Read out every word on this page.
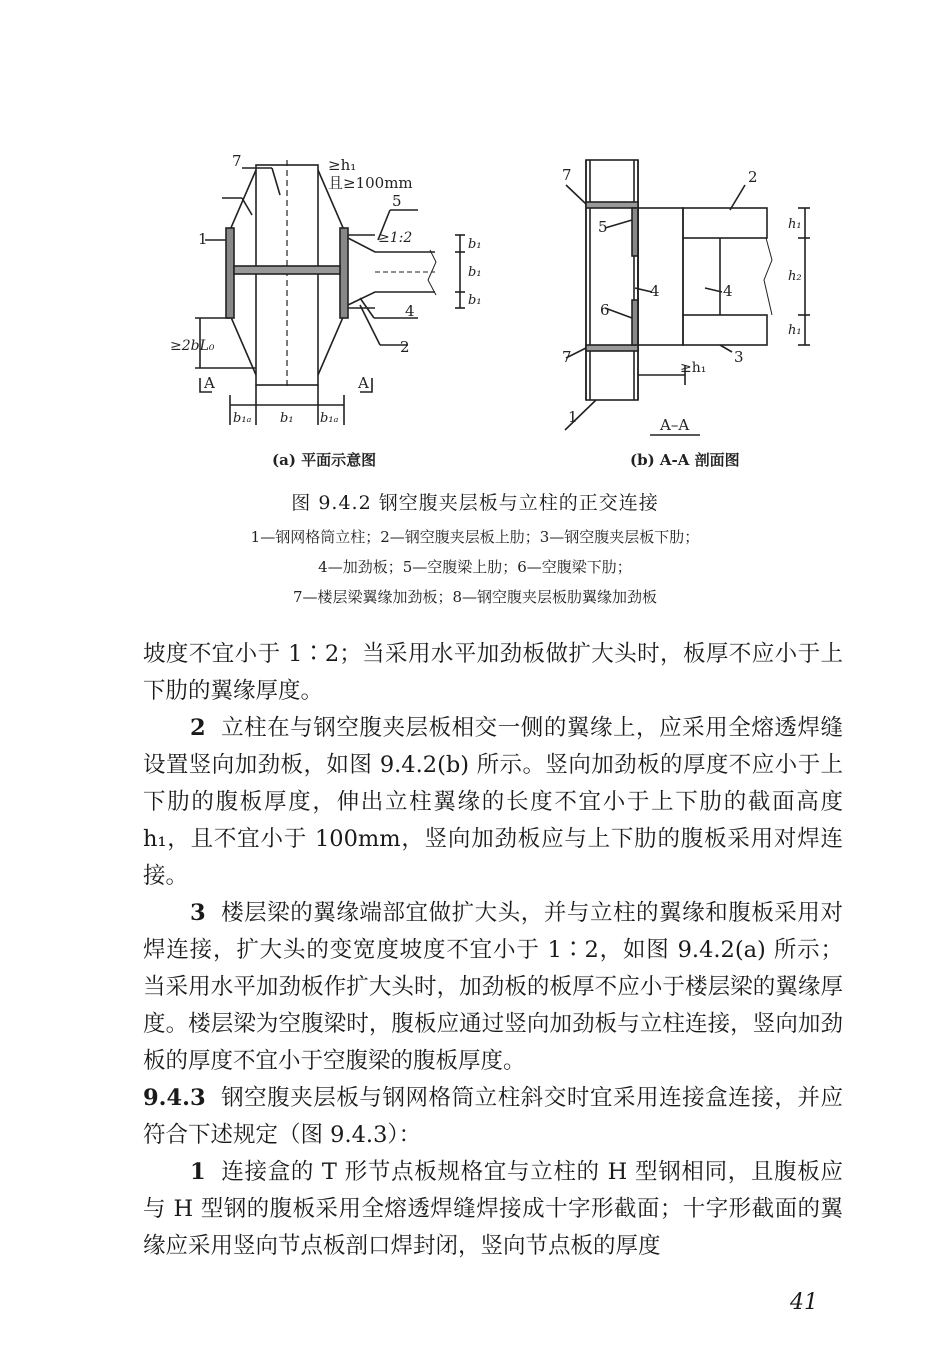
≥h₁
且≥100mm
≥1:2
7
1
4
2
5
b₁
b₁
b₁
≥2bL₀
b₁ₐ b₁ b₁ₐ
A	A
(a) 平面示意图
7	2
5
4	4
6
7	3
1
≥h₁
h₁
h₂
h₁
A–A
(b) A-A 剖面图
图 9.4.2 钢空腹夹层板与立柱的正交连接
1—钢网格筒立柱；2—钢空腹夹层板上肋；3—钢空腹夹层板下肋；
4—加劲板；5—空腹梁上肋；6—空腹梁下肋；
7—楼层梁翼缘加劲板；8—钢空腹夹层板肋翼缘加劲板

坡度不宜小于 1∶2；当采用水平加劲板做扩大头时，板厚不应小于上下肋的翼缘厚度。

2 立柱在与钢空腹夹层板相交一侧的翼缘上，应采用全熔透焊缝设置竖向加劲板，如图 9.4.2(b) 所示。竖向加劲板的厚度不应小于上下肋的腹板厚度，伸出立柱翼缘的长度不宜小于上下肋的截面高度 h₁，且不宜小于 100mm，竖向加劲板应与上下肋的腹板采用对焊连接。

3 楼层梁的翼缘端部宜做扩大头，并与立柱的翼缘和腹板采用对焊连接，扩大头的变宽度坡度不宜小于 1∶2，如图 9.4.2(a) 所示；当采用水平加劲板作扩大头时，加劲板的板厚不应小于楼层梁的翼缘厚度。楼层梁为空腹梁时，腹板应通过竖向加劲板与立柱连接，竖向加劲板的厚度不宜小于空腹梁的腹板厚度。

9.4.3 钢空腹夹层板与钢网格筒立柱斜交时宜采用连接盒连接，并应符合下述规定（图 9.4.3）：

1 连接盒的 T 形节点板规格宜与立柱的 H 型钢相同，且腹板应与 H 型钢的腹板采用全熔透焊缝焊接成十字形截面；十字形截面的翼缘应采用竖向节点板剖口焊封闭，竖向节点板的厚度

41
